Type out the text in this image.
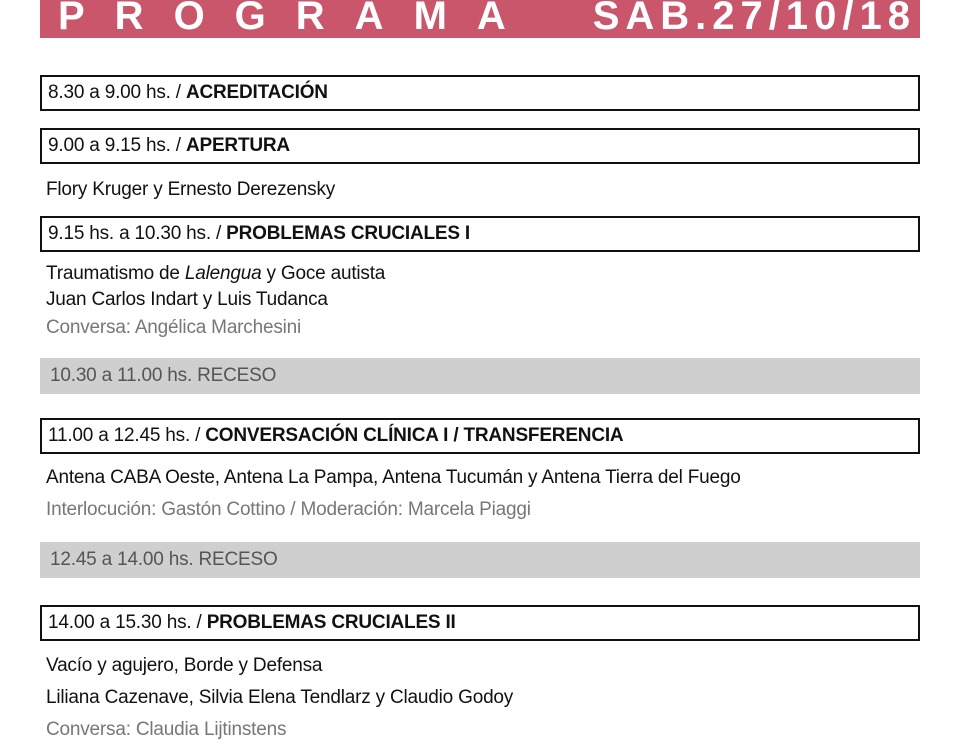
PROGRAMA SAB.27/10/18
8.30 a 9.00 hs. / ACREDITACIÓN
9.00 a 9.15 hs. / APERTURA
Flory Kruger y Ernesto Derezensky
9.15 hs. a 10.30 hs. / PROBLEMAS CRUCIALES I
Traumatismo de Lalengua y Goce autista
Juan Carlos Indart y Luis Tudanca
Conversa: Angélica Marchesini
10.30 a 11.00 hs. RECESO
11.00 a 12.45 hs. / CONVERSACIÓN CLÍNICA I / TRANSFERENCIA
Antena CABA Oeste, Antena La Pampa, Antena Tucumán y Antena Tierra del Fuego
Interlocución: Gastón Cottino / Moderación: Marcela Piaggi
12.45 a 14.00 hs. RECESO
14.00 a 15.30 hs. / PROBLEMAS CRUCIALES II
Vacío y agujero, Borde y Defensa
Liliana Cazenave, Silvia Elena Tendlarz y Claudio Godoy
Conversa: Claudia Lijtinstens
